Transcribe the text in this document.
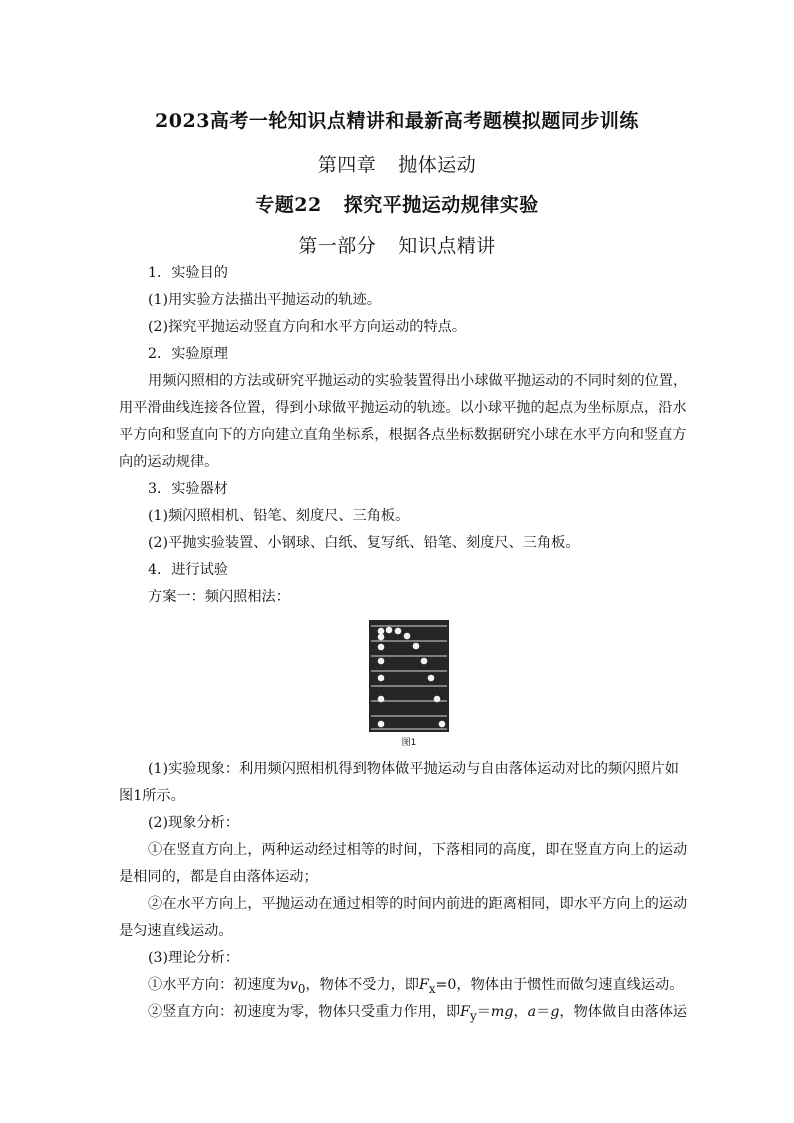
2023高考一轮知识点精讲和最新高考题模拟题同步训练
第四章 抛体运动
专题22 探究平抛运动规律实验
第一部分 知识点精讲
1．实验目的
(1)用实验方法描出平抛运动的轨迹。
(2)探究平抛运动竖直方向和水平方向运动的特点。
2．实验原理
用频闪照相的方法或研究平抛运动的实验装置得出小球做平抛运动的不同时刻的位置，
用平滑曲线连接各位置，得到小球做平抛运动的轨迹。以小球平抛的起点为坐标原点，沿水
平方向和竖直向下的方向建立直角坐标系，根据各点坐标数据研究小球在水平方向和竖直方
向的运动规律。
3．实验器材
(1)频闪照相机、铅笔、刻度尺、三角板。
(2)平抛实验装置、小钢球、白纸、复写纸、铅笔、刻度尺、三角板。
4．进行试验
方案一：频闪照相法：
图1
(1)实验现象：利用频闪照相机得到物体做平抛运动与自由落体运动对比的频闪照片如
图1所示。
(2)现象分析：
①在竖直方向上，两种运动经过相等的时间，下落相同的高度，即在竖直方向上的运动
是相同的，都是自由落体运动；
②在水平方向上，平抛运动在通过相等的时间内前进的距离相同，即水平方向上的运动
是匀速直线运动。
(3)理论分析：
①水平方向：初速度为$v_0$，物体不受力，即$F_x=0$，物体由于惯性而做匀速直线运动。
②竖直方向：初速度为零，物体只受重力作用，即$F_y=mg$，a＝g，物体做自由落体运
